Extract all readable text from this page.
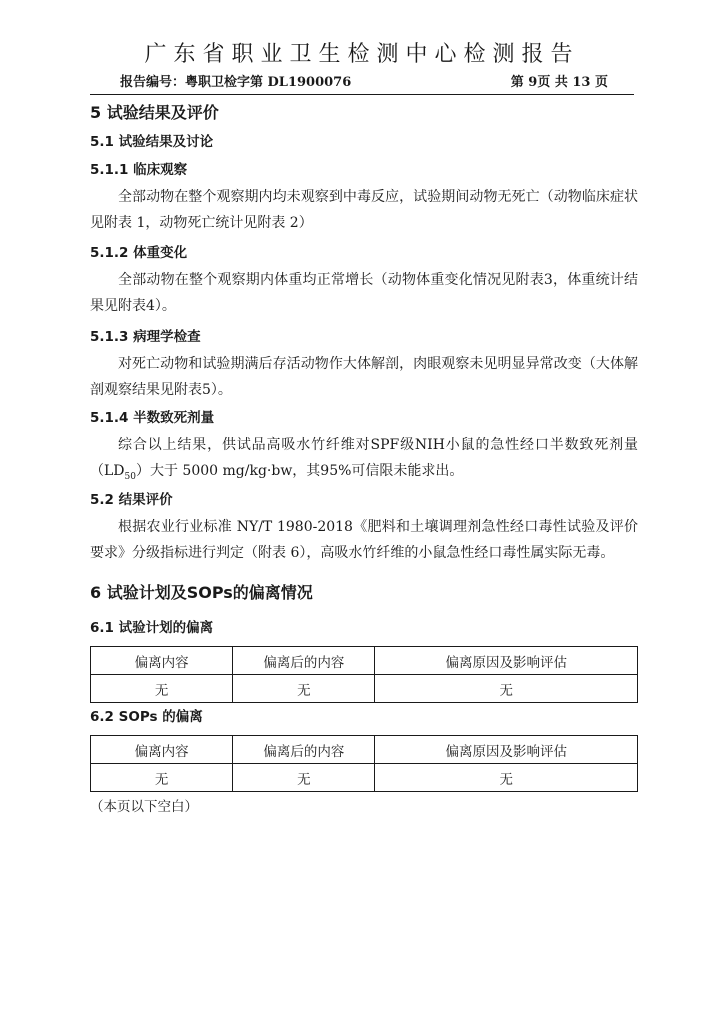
广东省职业卫生检测中心检测报告
报告编号：粤职卫检字第 DL1900076	第 9页 共 13 页
5 试验结果及评价
5.1 试验结果及讨论
5.1.1 临床观察

全部动物在整个观察期内均未观察到中毒反应，试验期间动物无死亡（动物临床症状见附表 1，动物死亡统计见附表 2）

5.1.2 体重变化

全部动物在整个观察期内体重均正常增长（动物体重变化情况见附表3，体重统计结果见附表4）。

5.1.3 病理学检查

对死亡动物和试验期满后存活动物作大体解剖，肉眼观察未见明显异常改变（大体解剖观察结果见附表5）。

5.1.4 半数致死剂量

综合以上结果，供试品高吸水竹纤维对SPF级NIH小鼠的急性经口半数致死剂量$(LD_{50})$大于 5000 mg/kg·bw，其95%可信限未能求出。

5.2 结果评价

根据农业行业标准 NY/T 1980-2018《肥料和土壤调理剂急性经口毒性试验及评价要求》分级指标进行判定（附表 6），高吸水竹纤维的小鼠急性经口毒性属实际无毒。

6 试验计划及SOPs的偏离情况
6.1 试验计划的偏离
偏离内容	偏离后的内容	偏离原因及影响评估
无	无	无
6.2 SOPs 的偏离
偏离内容	偏离后的内容	偏离原因及影响评估
无	无	无
（本页以下空白）
